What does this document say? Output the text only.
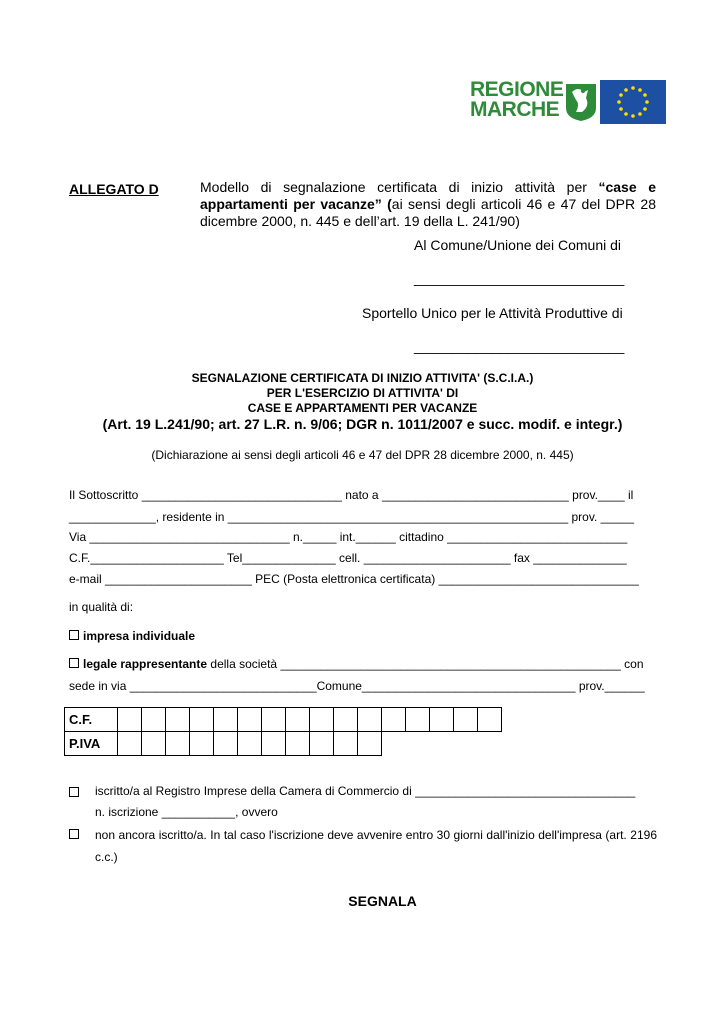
REGIONE
MARCHE
ALLEGATO D	Modello di segnalazione certificata di inizio attività per “case e appartamenti per vacanze” (ai sensi degli articoli 46 e 47 del DPR 28 dicembre 2000, n. 445 e dell’art. 19 della L. 241/90)
Al Comune/Unione dei Comuni di
___________________________
Sportello Unico per le Attività Produttive di
___________________________
SEGNALAZIONE CERTIFICATA DI INIZIO ATTIVITA' (S.C.I.A.)
PER L'ESERCIZIO DI ATTIVITA' DI
CASE E APPARTAMENTI PER VACANZE
(Art. 19 L.241/90; art. 27 L.R. n. 9/06; DGR n. 1011/2007 e succ. modif. e integr.)
(Dichiarazione ai sensi degli articoli 46 e 47 del DPR 28 dicembre 2000, n. 445)
Il Sottoscritto ______________________________ nato a ____________________________ prov.____ il
_____________, residente in ___________________________________________________ prov. _____
Via ______________________________ n._____ int.______ cittadino ___________________________
C.F.____________________ Tel______________ cell. ______________________ fax ______________
e-mail ______________________ PEC (Posta elettronica certificata) ______________________________
in qualità di:
impresa individuale
legale rappresentante della società ___________________________________________________ con
sede in via ____________________________Comune________________________________ prov.______
C.F.																
P.IVA											
iscritto/a al Registro Imprese della Camera di Commercio di _________________________________
n. iscrizione ___________, ovvero
non ancora iscritto/a. In tal caso l'iscrizione deve avvenire entro 30 giorni dall'inizio dell'impresa (art. 2196 c.c.)
SEGNALA
